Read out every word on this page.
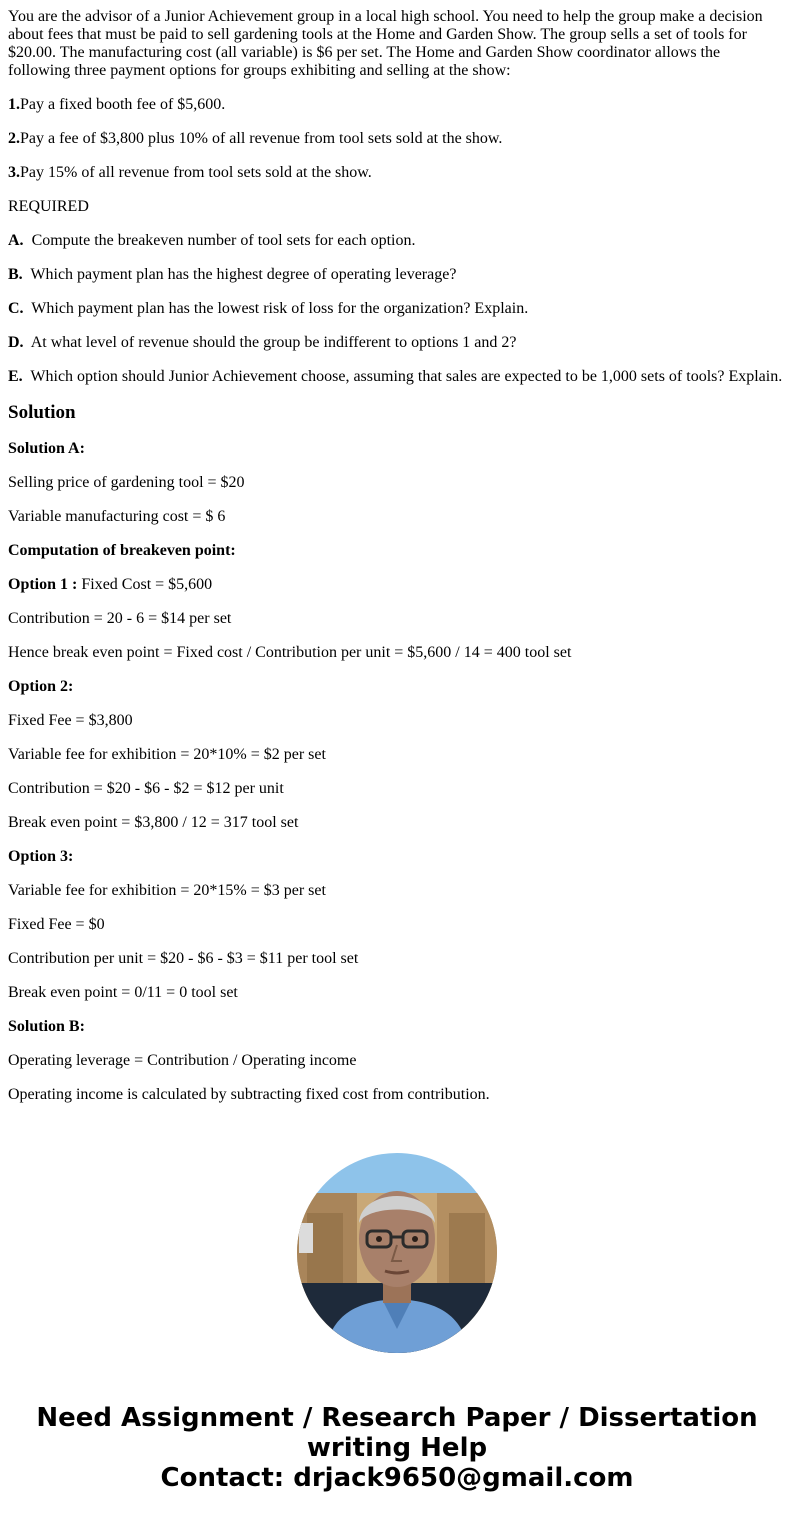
You are the advisor of a Junior Achievement group in a local high school. You need to help the group make a decision about fees that must be paid to sell gardening tools at the Home and Garden Show. The group sells a set of tools for $20.00. The manufacturing cost (all variable) is $6 per set. The Home and Garden Show coordinator allows the following three payment options for groups exhibiting and selling at the show:

1.Pay a fixed booth fee of $5,600.

2.Pay a fee of $3,800 plus 10% of all revenue from tool sets sold at the show.

3.Pay 15% of all revenue from tool sets sold at the show.

REQUIRED

A. Compute the breakeven number of tool sets for each option.

B. Which payment plan has the highest degree of operating leverage?

C. Which payment plan has the lowest risk of loss for the organization? Explain.

D. At what level of revenue should the group be indifferent to options 1 and 2?

E. Which option should Junior Achievement choose, assuming that sales are expected to be 1,000 sets of tools? Explain.

Solution

Solution A:

Selling price of gardening tool = $20

Variable manufacturing cost = $ 6

Computation of breakeven point:

Option 1 : Fixed Cost = $5,600

Contribution = 20 - 6 = $14 per set

Hence break even point = Fixed cost / Contribution per unit = $5,600 / 14 = 400 tool set

Option 2:

Fixed Fee = $3,800

Variable fee for exhibition = 20*10% = $2 per set

Contribution = $20 - $6 - $2 = $12 per unit

Break even point = $3,800 / 12 = 317 tool set

Option 3:

Variable fee for exhibition = 20*15% = $3 per set

Fixed Fee = $0

Contribution per unit = $20 - $6 - $3 = $11 per tool set

Break even point = 0/11 = 0 tool set

Solution B:

Operating leverage = Contribution / Operating income

Operating income is calculated by subtracting fixed cost from contribution.

Need Assignment / Research Paper / Dissertation
writing Help
Contact: drjack9650@gmail.com
